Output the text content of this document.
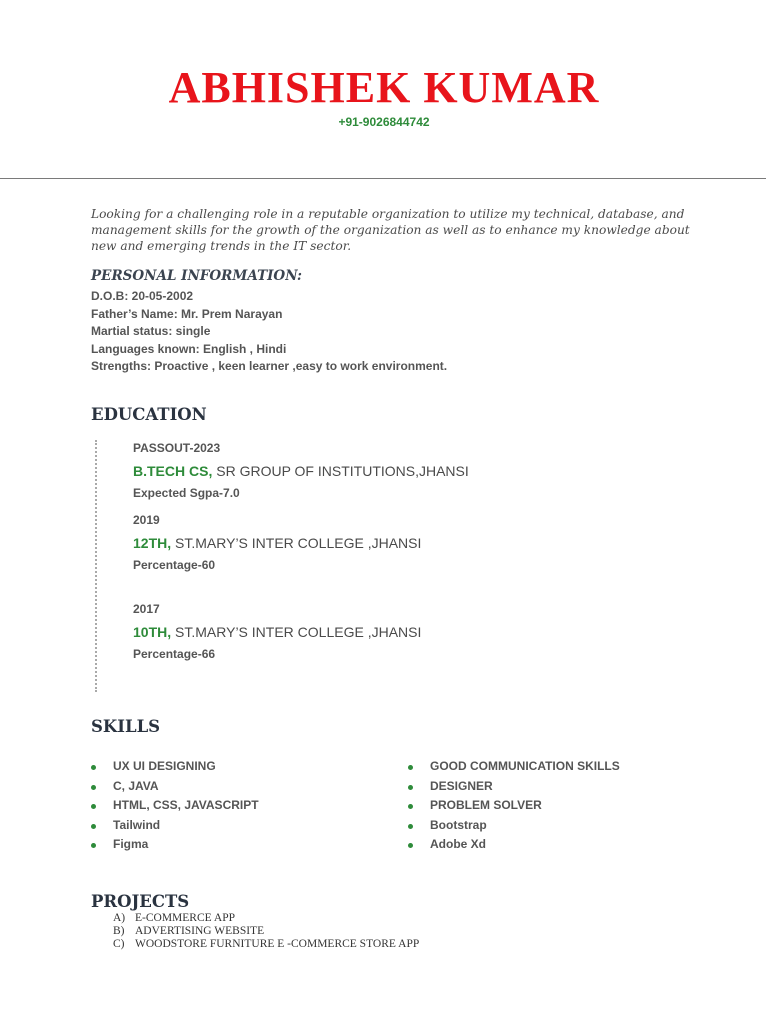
ABHISHEK KUMAR
+91-9026844742

Looking for a challenging role in a reputable organization to utilize my technical, database, and management skills for the growth of the organization as well as to enhance my knowledge about new and emerging trends in the IT sector.

PERSONAL INFORMATION:
D.O.B: 20-05-2002
Father’s Name: Mr. Prem Narayan
Martial status: single
Languages known: English , Hindi
Strengths: Proactive , keen learner ,easy to work environment.
EDUCATION
PASSOUT-2023
B.TECH CS, SR GROUP OF INSTITUTIONS,JHANSI
Expected Sgpa-7.0
2019
12TH, ST.MARY’S INTER COLLEGE ,JHANSI
Percentage-60
2017
10TH, ST.MARY’S INTER COLLEGE ,JHANSI
Percentage-66
SKILLS
UX UI DESIGNING
C, JAVA
HTML, CSS, JAVASCRIPT
Tailwind
Figma
GOOD COMMUNICATION SKILLS
DESIGNER
PROBLEM SOLVER
Bootstrap
Adobe Xd
PROJECTS
A) E-COMMERCE APP
B) ADVERTISING WEBSITE
C) WOODSTORE FURNITURE E -COMMERCE STORE APP
